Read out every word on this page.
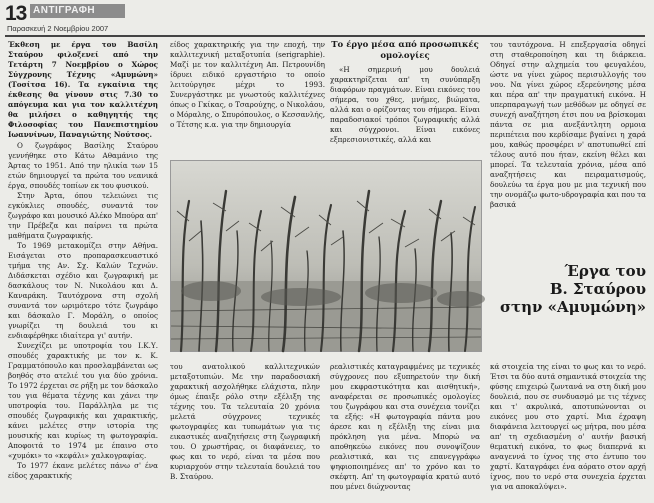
13 ΑΝΤΙΓΡΑΦΗ
Παρασκευή 2 Νοεμβρίου 2007

Έκθεση με έργα του Βασίλη Σταύρου φιλοξενεί από την Τετάρτη 7 Νοεμβρίου ο Χώρος Σύγχρονης Τέχνης «Αμυμώνη» (Τοσίτσα 16). Τα εγκαίνια της έκθεσης θα γίνουν στις 7.30 το απόγευμα και για τον καλλιτέχνη θα μιλήσει ο καθηγητής της Φιλοσοφίας του Πανεπιστημίου Ιωαννίνων, Παναγιώτης Νούτσος.

Ο ζωγράφος Βασίλης Σταύρου γεννήθηκε στο Κάτω Αθαμάνιο της Άρτας το 1951. Από την ηλικία των 15 ετών δημιουργεί τα πρώτα του νεανικά έργα, σπουδές τοπίων εκ του φυσικού.

Στην Άρτα, όπου τελειώνει τις εγκύκλιες σπουδές, συναντά τον ζωγράφο και μουσικό Αλέκο Μπούρα απ' την Πρέβεζα και παίρνει τα πρώτα μαθήματα ζωγραφικής.

Το 1969 μετακομίζει στην Αθήνα. Εισάγεται στο προπαρασκευαστικό τμήμα της Αν. Σχ. Καλών Τεχνών. Διδάσκεται σχέδιο και ζωγραφική με δασκάλους τον Ν. Νικολάου και Δ. Καναράκη. Ταυτόχρονα στη σχολή συναντά τον ωριμότερο τότε ζωγράφο και δάσκαλο Γ. Μοράλη, ο οποίος γνωρίζει τη δουλειά του κι ενδιαφέρθηκε ιδιαίτερα γι' αυτήν.

Συνεχίζει με υποτροφία του Ι.Κ.Υ. σπουδές χαρακτικής με τον κ. Κ. Γραμματόπουλο και προσλαμβάνεται ως βοηθός στο ατελιέ του για δύο χρόνια. Το 1972 έρχεται σε ρήξη με τον δάσκαλο του για θέματα τέχνης και χάνει την υποτροφία του. Παράλληλα με τις σπουδές ζωγραφικής και χαρακτικής, κάνει μελέτες στην ιστορία της μουσικής και κυρίως τη φωτογραφία. Αποφοιτά το 1974 με έπαινο στο «χυμόκι» το «κεφάλι» χαλκογραφίας.

Το 1977 έκανε μελέτες πάνω σ' ένα είδος χαρακτικής

είδος χαρακτηρικής για την εποχή, την καλλιτεχνική μεταξοτυπία (serigraphie). Μαζί με τον καλλιτέχνη Απ. Πετρουνίδη ίδρυει ειδικό εργαστήριο το οποίο λειτούργησε μέχρι το 1993. Συνεργάστηκε με γνωστούς καλλιτέχνες όπως ο Γκίκας, ο Τσαρούχης, ο Νικολάου, ο Μόραλης, ο Σπυρόπουλος, ο Κεσσανλής, ο Τέτσης κ.α. για την δημιουργία

Το έργο μέσα από προσωπικές ομολογίες

«Η σημερινή μου δουλειά χαρακτηρίζεται απ' τη συνύπαρξη διαφόρων πραγμάτων. Είναι εικόνες του σήμερα, του χθες, μνήμες, βιώματα, αλλά και ο ορίζοντας του σήμερα. Είναι παραδοσιακοί τρόποι ζωγραφικής αλλά και σύγχρονοι. Είναι εικόνες εξπρεσιονιστικές, αλλά και

του ταυτόχρονα. Η επεξεργασία οδηγεί στη σταθεροποίηση και τη διάρκεια. Οδηγεί στην αλχημεία του φευγαλέου, ώστε να γίνει χώρος περισυλλογής του νου. Να γίνει χώρος εξερεύνησης μέσα και πέρα απ' την πραγματική εικόνα. Η υπερπαραγωγή των μεθόδων με οδηγεί σε συνεχή αναζήτηση έτσι που να βρίσκομαι πάντα σε μια ανεξάντλητη ορμοια περιπέτεια που κερδίσαμε βγαίνει η χαρά μου, καθώς προσφέρει ν' αποτυπωθεί επί τέλους αυτό που ήταν, εκείνη θέλει και μπορεί. Τα τελευταία χρόνια, μέσα από αναζητήσεις και πειραματισμούς, δουλεύω τα έργα μου με μια τεχνική που την ονομάζω φωτο-υδρογραφία και που τα βασικά

του ανατολικού καλλιτεχνικών μεταξοτυπιών. Με την παραδοσιακή χαρακτική ασχολήθηκε ελάχιστα, πλην όμως έπαιξε ρόλο στην εξέλιξη της τέχνης του. Τα τελευταία 20 χρόνια μελετά σύγχρονες τεχνικές φωτογραφίες και τυπωμάτων για τις εικαστικές αναζητήσεις στη ζωγραφική του. Ο χρωστήρας, οι διαφάνειες, το φως και το νερό, είναι τα μέσα που κυριαρχούν στην τελευταία δουλειά του Β. Σταύρου.

ρεαλιστικές καταγραφμένες με τεχνικές σύγχρονες που εξυπηρετούν την δική μου εκφραστικότητα και αισθητική», αναφέρεται σε προσωπικές ομολογίες του ζωγράφου και στα συνέχεια τονίζει τα εξής: «Η φωτογραφία πάντα μου άρεσε και η εξέλιξη της είναι μια πρόκληση για μένα. Μπορώ να αποθηκεύω εικόνες που συνοψίζουν ρεαλιστικά, και τις επανεγγράφω ψηφιοποιημένες απ' το χρόνο και το σκέφτη. Απ' τη φωτογραφία κρατώ αυτό που μένει διώχνοντας

Έργα του
Β. Σταύρου
στην «Αμυμώνη»

κά στοιχεία της είναι το φως και το νερό. Έτσι τα δύο αυτά σημαντικά στοιχεία της φύσης επιχειρώ ζωντανά να στη δική μου δουλειά, που σε συνδυασμό με τις τέχνες και τ' ακρυλικά, αποτυπώνονται οι εικόνες μου στο χαρτί. Μια έχραψη διαφάνεια λειτουργεί ως μήτρα, που μέσα απ' τη σχεδιασμένη ο' αυτήν βασική θεματική εικόνα, το φως διαπερνά κι αναγεννά το ίχνος της στο έντυπο του χαρτί. Καταγράφει ένα αόρατο στον αρχή ίχνος, που το νερό στα συνεχεία έρχεται για να αποκαλύψει».
